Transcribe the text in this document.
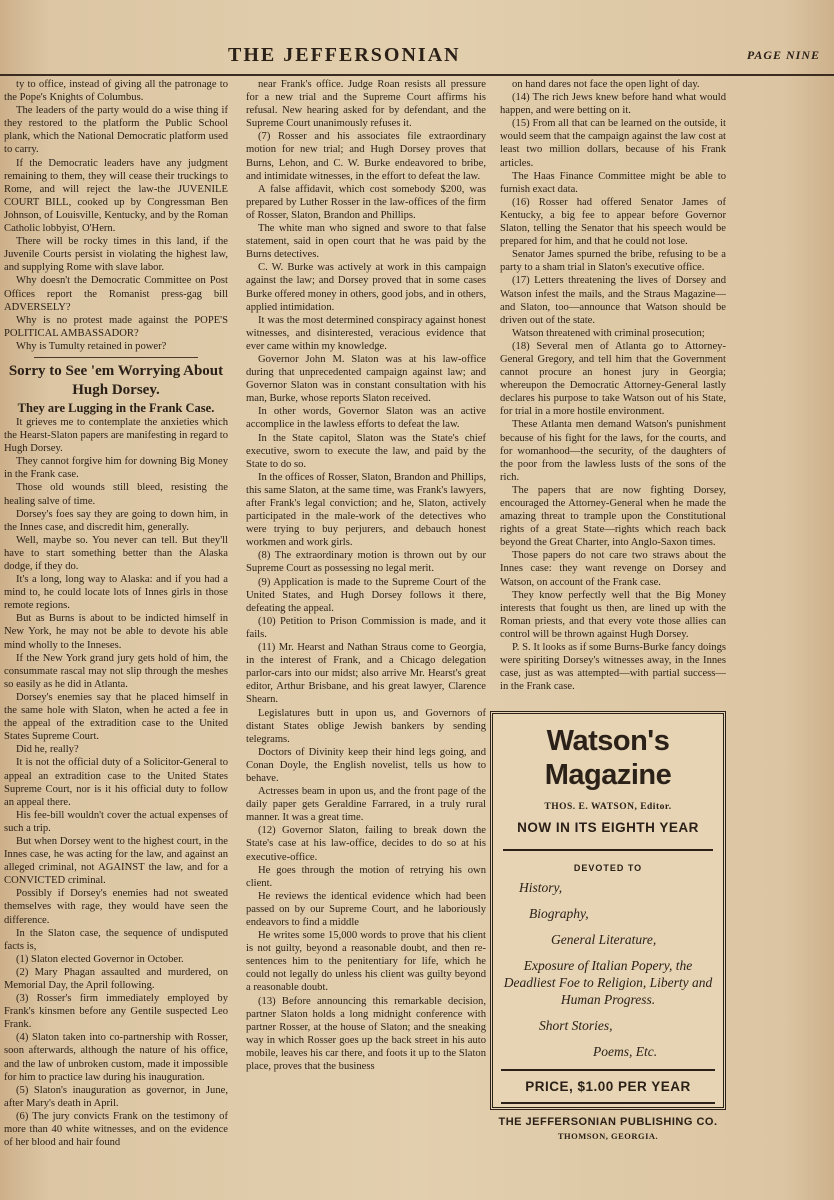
THE JEFFERSONIAN	PAGE NINE

ty to office, instead of giving all the patronage to the Pope's Knights of Columbus.

The leaders of the party would do a wise thing if they restored to the platform the Public School plank, which the National Democratic platform used to carry.

If the Democratic leaders have any judgment remaining to them, they will cease their truckings to Rome, and will reject the law-the JUVENILE COURT BILL, cooked up by Congressman Ben Johnson, of Louisville, Kentucky, and by the Roman Catholic lobbyist, O'Hern.

There will be rocky times in this land, if the Juvenile Courts persist in violating the highest law, and supplying Rome with slave labor.

Why doesn't the Democratic Committee on Post Offices report the Romanist press-gag bill ADVERSELY?

Why is no protest made against the POPE'S POLITICAL AMBASSADOR?

Why is Tumulty retained in power?

Sorry to See 'em Worrying About Hugh Dorsey.

They are Lugging in the Frank Case.

It grieves me to contemplate the anxieties which the Hearst-Slaton papers are manifesting in regard to Hugh Dorsey.

They cannot forgive him for downing Big Money in the Frank case.

Those old wounds still bleed, resisting the healing salve of time.

Dorsey's foes say they are going to down him, in the Innes case, and discredit him, generally.

Well, maybe so. You never can tell. But they'll have to start something better than the Alaska dodge, if they do.

It's a long, long way to Alaska: and if you had a mind to, he could locate lots of Innes girls in those remote regions.

But as Burns is about to be indicted himself in New York, he may not be able to devote his able mind wholly to the Inneses.

If the New York grand jury gets hold of him, the consummate rascal may not slip through the meshes so easily as he did in Atlanta.

Dorsey's enemies say that he placed himself in the same hole with Slaton, when he acted a fee in the appeal of the extradition case to the United States Supreme Court.

Did he, really?

It is not the official duty of a Solicitor-General to appeal an extradition case to the United States Supreme Court, nor is it his official duty to follow an appeal there.

His fee-bill wouldn't cover the actual expenses of such a trip.

But when Dorsey went to the highest court, in the Innes case, he was acting for the law, and against an alleged criminal, not AGAINST the law, and for a CONVICTED criminal.

Possibly if Dorsey's enemies had not sweated themselves with rage, they would have seen the difference.

In the Slaton case, the sequence of undisputed facts is,

(1) Slaton elected Governor in October.

(2) Mary Phagan assaulted and murdered, on Memorial Day, the April following.

(3) Rosser's firm immediately employed by Frank's kinsmen before any Gentile suspected Leo Frank.

(4) Slaton taken into co-partnership with Rosser, soon afterwards, although the nature of his office, and the law of unbroken custom, made it impossible for him to practice law during his inauguration.

(5) Slaton's inauguration as governor, in June, after Mary's death in April.

(6) The jury convicts Frank on the testimony of more than 40 white witnesses, and on the evidence of her blood and hair found

near Frank's office. Judge Roan resists all pressure for a new trial and the Supreme Court affirms his refusal. New hearing asked for by defendant, and the Supreme Court unanimously refuses it.

(7) Rosser and his associates file extraordinary motion for new trial; and Hugh Dorsey proves that Burns, Lehon, and C. W. Burke endeavored to bribe, and intimidate witnesses, in the effort to defeat the law.

A false affidavit, which cost somebody $200, was prepared by Luther Rosser in the law-offices of the firm of Rosser, Slaton, Brandon and Phillips.

The white man who signed and swore to that false statement, said in open court that he was paid by the Burns detectives.

C. W. Burke was actively at work in this campaign against the law; and Dorsey proved that in some cases Burke offered money in others, good jobs, and in others, applied intimidation.

It was the most determined conspiracy against honest witnesses, and disinterested, veracious evidence that ever came within my knowledge.

Governor John M. Slaton was at his law-office during that unprecedented campaign against law; and Governor Slaton was in constant consultation with his man, Burke, whose reports Slaton received.

In other words, Governor Slaton was an active accomplice in the lawless efforts to defeat the law.

In the State capitol, Slaton was the State's chief executive, sworn to execute the law, and paid by the State to do so.

In the offices of Rosser, Slaton, Brandon and Phillips, this same Slaton, at the same time, was Frank's lawyers, after Frank's legal conviction; and he, Slaton, actively participated in the male-work of the detectives who were trying to buy perjurers, and debauch honest workmen and work girls.

(8) The extraordinary motion is thrown out by our Supreme Court as possessing no legal merit.

(9) Application is made to the Supreme Court of the United States, and Hugh Dorsey follows it there, defeating the appeal.

(10) Petition to Prison Commission is made, and it fails.

(11) Mr. Hearst and Nathan Straus come to Georgia, in the interest of Frank, and a Chicago delegation parlor-cars into our midst; also arrive Mr. Hearst's great editor, Arthur Brisbane, and his great lawyer, Clarence Shearn.

Legislatures butt in upon us, and Governors of distant States oblige Jewish bankers by sending telegrams.

Doctors of Divinity keep their hind legs going, and Conan Doyle, the English novelist, tells us how to behave.

Actresses beam in upon us, and the front page of the daily paper gets Geraldine Farrared, in a truly rural manner. It was a great time.

(12) Governor Slaton, failing to break down the State's case at his law-office, decides to do so at his executive-office.

He goes through the motion of retrying his own client.

He reviews the identical evidence which had been passed on by our Supreme Court, and he laboriously endeavors to find a middle

He writes some 15,000 words to prove that his client is not guilty, beyond a reasonable doubt, and then re-sentences him to the penitentiary for life, which he could not legally do unless his client was guilty beyond a reasonable doubt.

(13) Before announcing this remarkable decision, partner Slaton holds a long midnight conference with partner Rosser, at the house of Slaton; and the sneaking way in which Rosser goes up the back street in his auto mobile, leaves his car there, and foots it up to the Slaton place, proves that the business

on hand dares not face the open light of day.

(14) The rich Jews knew before hand what would happen, and were betting on it.

(15) From all that can be learned on the outside, it would seem that the campaign against the law cost at least two million dollars, because of his Frank articles.

The Haas Finance Committee might be able to furnish exact data.

(16) Rosser had offered Senator James of Kentucky, a big fee to appear before Governor Slaton, telling the Senator that his speech would be prepared for him, and that he could not lose.

Senator James spurned the bribe, refusing to be a party to a sham trial in Slaton's executive office.

(17) Letters threatening the lives of Dorsey and Watson infest the mails, and the Straus Magazine—and Slaton, too—announce that Watson should be driven out of the state.

Watson threatened with criminal prosecution;

(18) Several men of Atlanta go to Attorney-General Gregory, and tell him that the Government cannot procure an honest jury in Georgia; whereupon the Democratic Attorney-General lastly declares his purpose to take Watson out of his State, for trial in a more hostile environment.

These Atlanta men demand Watson's punishment because of his fight for the laws, for the courts, and for womanhood—the security, of the daughters of the poor from the lawless lusts of the sons of the rich.

The papers that are now fighting Dorsey, encouraged the Attorney-General when he made the amazing threat to trample upon the Constitutional rights of a great State—rights which reach back beyond the Great Charter, into Anglo-Saxon times.

Those papers do not care two straws about the Innes case: they want revenge on Dorsey and Watson, on account of the Frank case.

They know perfectly well that the Big Money interests that fought us then, are lined up with the Roman priests, and that every vote those allies can control will be thrown against Hugh Dorsey.

P. S. It looks as if some Burns-Burke fancy doings were spiriting Dorsey's witnesses away, in the Innes case, just as was attempted—with partial success—in the Frank case.

Watson's Magazine
THOS. E. WATSON, Editor.
NOW IN ITS EIGHTH YEAR
DEVOTED TO
History,
Biography,
General Literature,
Exposure of Italian Popery, the Deadliest Foe to Religion, Liberty and Human Progress.
Short Stories,
Poems, Etc.
PRICE, $1.00 PER YEAR
THE JEFFERSONIAN PUBLISHING CO.
THOMSON, GEORGIA.
